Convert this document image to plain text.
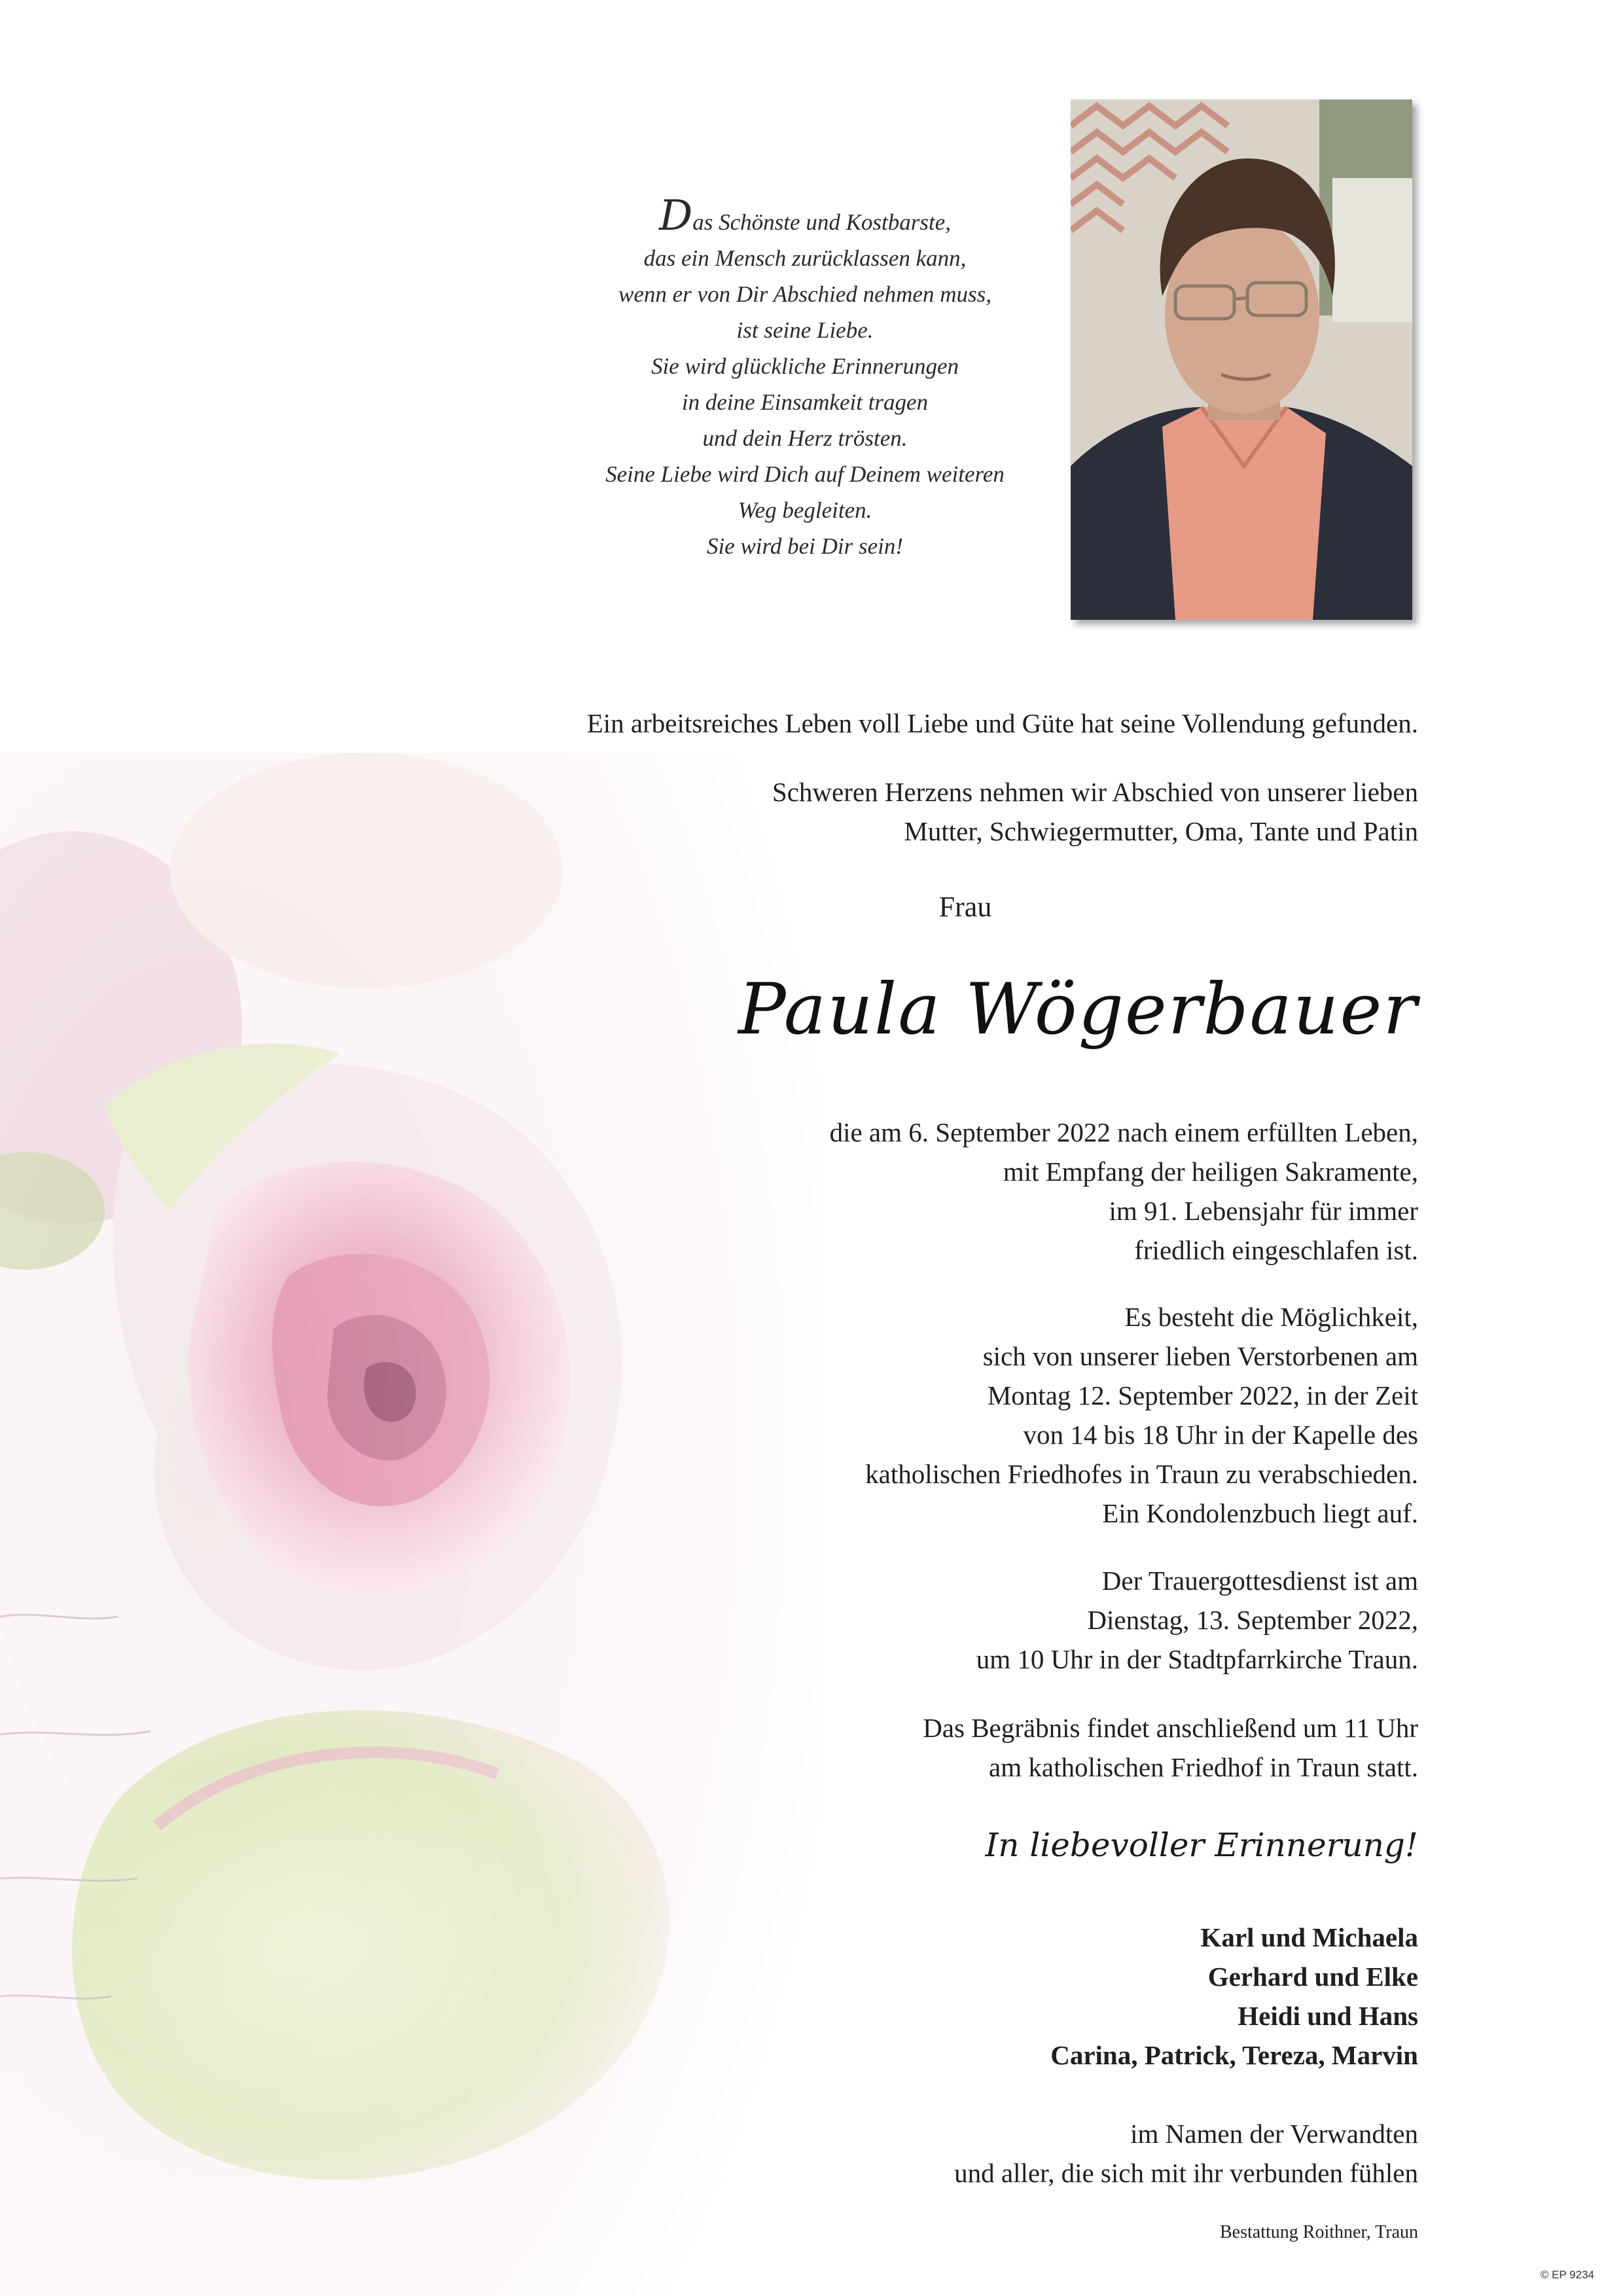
Das Schönste und Kostbarste,
das ein Mensch zurücklassen kann,
wenn er von Dir Abschied nehmen muss,
ist seine Liebe.
Sie wird glückliche Erinnerungen
in deine Einsamkeit tragen
und dein Herz trösten.
Seine Liebe wird Dich auf Deinem weiteren
Weg begleiten.
Sie wird bei Dir sein!
Ein arbeitsreiches Leben voll Liebe und Güte hat seine Vollendung gefunden.
Schweren Herzens nehmen wir Abschied von unserer lieben
Mutter, Schwiegermutter, Oma, Tante und Patin
Frau
Paula Wögerbauer
die am 6. September 2022 nach einem erfüllten Leben,
mit Empfang der heiligen Sakramente,
im 91. Lebensjahr für immer
friedlich eingeschlafen ist.
Es besteht die Möglichkeit,
sich von unserer lieben Verstorbenen am
Montag 12. September 2022, in der Zeit
von 14 bis 18 Uhr in der Kapelle des
katholischen Friedhofes in Traun zu verabschieden.
Ein Kondolenzbuch liegt auf.
Der Trauergottesdienst ist am
Dienstag, 13. September 2022,
um 10 Uhr in der Stadtpfarrkirche Traun.
Das Begräbnis findet anschließend um 11 Uhr
am katholischen Friedhof in Traun statt.
In liebevoller Erinnerung!
Karl und Michaela
Gerhard und Elke
Heidi und Hans
Carina, Patrick, Tereza, Marvin
im Namen der Verwandten
und aller, die sich mit ihr verbunden fühlen
Bestattung Roithner, Traun
© EP 9234
